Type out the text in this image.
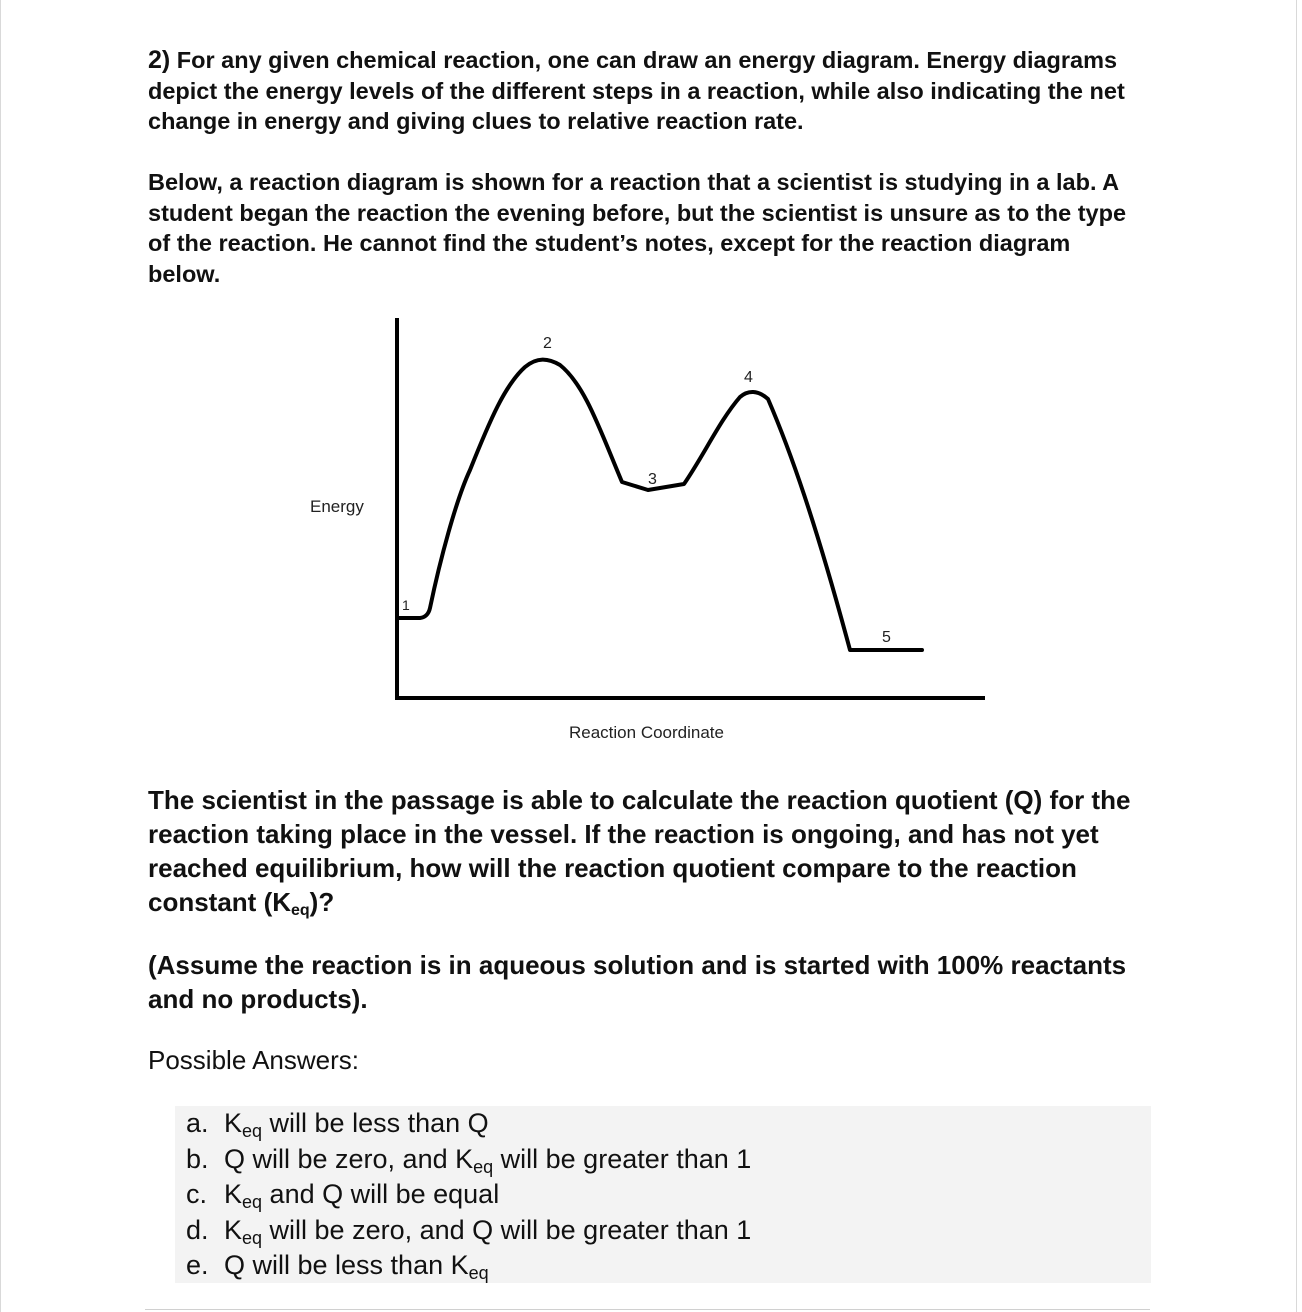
2) For any given chemical reaction, one can draw an energy diagram. Energy diagrams depict the energy levels of the different steps in a reaction, while also indicating the net change in energy and giving clues to relative reaction rate.

Below, a reaction diagram is shown for a reaction that a scientist is studying in a lab. A student began the reaction the evening before, but the scientist is unsure as to the type of the reaction. He cannot find the student’s notes, except for the reaction diagram below.

1
2
3
4
5
Energy
Reaction Coordinate

The scientist in the passage is able to calculate the reaction quotient (Q) for the reaction taking place in the vessel. If the reaction is ongoing, and has not yet reached equilibrium, how will the reaction quotient compare to the reaction constant $(K_{eq})$?

(Assume the reaction is in aqueous solution and is started with 100% reactants and no products).

Possible Answers:

a. $K_{eq}$ will be less than Q
b. Q will be zero, and $K_{eq}$ will be greater than 1
c. $K_{eq}$ and Q will be equal
d. $K_{eq}$ will be zero, and Q will be greater than 1
e. Q will be less than $K_{eq}$
